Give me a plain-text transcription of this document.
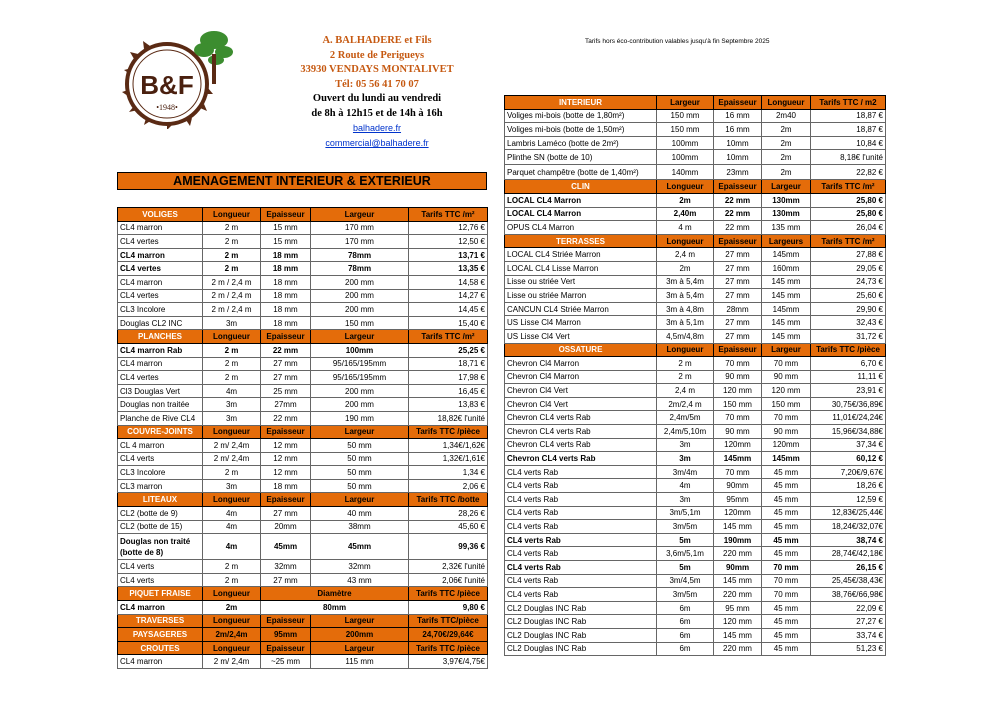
B&F
•1948•
A. BALHADERE et Fils
2 Route de Perigueys
33930 VENDAYS MONTALIVET
Tél: 05 56 41 70 07
Ouvert du lundi au vendredi
de 8h à 12h15 et de 14h à 16h
balhadere.fr
commercial@balhadere.fr
Tarifs hors éco-contribution valables jusqu'à fin Septembre 2025
AMENAGEMENT INTERIEUR & EXTERIEUR
VOLIGES	Longueur	Epaisseur	Largeur	Tarifs TTC /m²
CL4 marron	2 m	15 mm	170 mm	12,76 €
CL4 vertes	2 m	15 mm	170 mm	12,50 €
CL4 marron	2 m	18 mm	78mm	13,71 €
CL4 vertes	2 m	18 mm	78mm	13,35 €
CL4 marron	2 m / 2,4 m	18 mm	200 mm	14,58 €
CL4 vertes	2 m / 2,4 m	18 mm	200 mm	14,27 €
CL3 Incolore	2 m / 2,4 m	18 mm	200 mm	14,45 €
Douglas CL2 INC	3m	18 mm	150 mm	15,40 €
PLANCHES	Longueur	Epaisseur	Largeur	Tarifs TTC /m²
CL4 marron Rab	2 m	22 mm	100mm	25,25 €
CL4 marron	2 m	27 mm	95/165/195mm	18,71 €
CL4 vertes	2 m	27 mm	95/165/195mm	17,98 €
Cl3 Douglas Vert	4m	25 mm	200 mm	16,45 €
Douglas non traitée	3m	27mm	200 mm	13,83 €
Planche de Rive CL4	3m	22 mm	190 mm	18,82€ l'unité
COUVRE-JOINTS	Longueur	Epaisseur	Largeur	Tarifs TTC /pièce
CL 4 marron	2 m/ 2,4m	12 mm	50 mm	1,34€/1,62€
CL4 verts	2 m/ 2,4m	12 mm	50 mm	1,32€/1,61€
CL3 Incolore	2 m	12 mm	50 mm	1,34 €
CL3 marron	3m	18 mm	50 mm	2,06 €
LITEAUX	Longueur	Epaisseur	Largeur	Tarifs TTC /botte
CL2 (botte de 9)	4m	27 mm	40 mm	28,26 €
CL2 (botte de 15)	4m	20mm	38mm	45,60 €
Douglas non traité (botte de 8)	4m	45mm	45mm	99,36 €
CL4 verts	2 m	32mm	32mm	2,32€ l'unité
CL4 verts	2 m	27 mm	43 mm	2,06€ l'unité
PIQUET FRAISE	Longueur	Diamètre		Tarifs TTC /pièce
CL4 marron	2m	80mm		9,80 €
TRAVERSES	Longueur	Epaisseur	Largeur	Tarifs TTC/pièce
PAYSAGERES	2m/2,4m	95mm	200mm	24,70€/29,64€
CROUTES	Longueur	Epaisseur	Largeur	Tarifs TTC /pièce
CL4 marron	2 m/ 2,4m	~25 mm	115 mm	3,97€/4,75€
INTERIEUR	Largeur	Epaisseur	Longueur	Tarifs TTC / m2
Voliges mi-bois (botte de 1,80m²)	150 mm	16 mm	2m40	18,87 €
Voliges mi-bois (botte de 1,50m²)	150 mm	16 mm	2m	18,87 €
Lambris Laméco (botte de 2m²)	100mm	10mm	2m	10,84 €
Plinthe SN (botte de 10)	100mm	10mm	2m	8,18€ l'unité
Parquet champêtre (botte de 1,40m²)	140mm	23mm	2m	22,82 €
CLIN	Longueur	Epaisseur	Largeur	Tarifs TTC /m²
LOCAL CL4 Marron	2m	22 mm	130mm	25,80 €
LOCAL CL4 Marron	2,40m	22 mm	130mm	25,80 €
OPUS CL4 Marron	4 m	22 mm	135 mm	26,04 €
TERRASSES	Longueur	Epaisseur	Largeurs	Tarifs TTC /m²
LOCAL CL4 Striée Marron	2,4 m	27 mm	145mm	27,88 €
LOCAL CL4 Lisse Marron	2m	27 mm	160mm	29,05 €
Lisse ou striée Vert	3m à 5,4m	27 mm	145 mm	24,73 €
Lisse ou striée Marron	3m à 5,4m	27 mm	145 mm	25,60 €
CANCUN CL4 Striée Marron	3m à 4,8m	28mm	145mm	29,90 €
US Lisse Cl4 Marron	3m à 5,1m	27 mm	145 mm	32,43 €
US Lisse Cl4 Vert	4,5m/4,8m	27 mm	145 mm	31,72 €
OSSATURE	Longueur	Epaisseur	Largeur	Tarifs TTC /pièce
Chevron Cl4 Marron	2 m	70 mm	70 mm	6,70 €
Chevron Cl4 Marron	2 m	90 mm	90 mm	11,11 €
Chevron Cl4 Vert	2,4 m	120 mm	120 mm	23,91 €
Chevron Cl4 Vert	2m/2,4 m	150 mm	150 mm	30,75€/36,89€
Chevron CL4 verts Rab	2,4m/5m	70 mm	70 mm	11,01€/24,24€
Chevron CL4 verts Rab	2,4m/5,10m	90 mm	90 mm	15,96€/34,88€
Chevron CL4 verts Rab	3m	120mm	120mm	37,34 €
Chevron CL4 verts Rab	3m	145mm	145mm	60,12 €
CL4 verts Rab	3m/4m	70 mm	45 mm	7,20€/9,67€
CL4 verts Rab	4m	90mm	45 mm	18,26 €
CL4 verts Rab	3m	95mm	45 mm	12,59 €
CL4 verts Rab	3m/5,1m	120mm	45 mm	12,83€/25,44€
CL4 verts Rab	3m/5m	145 mm	45 mm	18,24€/32,07€
CL4 verts Rab	5m	190mm	45 mm	38,74 €
CL4 verts Rab	3,6m/5,1m	220 mm	45 mm	28,74€/42,18€
CL4 verts Rab	5m	90mm	70 mm	26,15 €
CL4 verts Rab	3m/4,5m	145 mm	70 mm	25,45€/38,43€
CL4 verts Rab	3m/5m	220 mm	70 mm	38,76€/66,98€
CL2 Douglas INC Rab	6m	95 mm	45 mm	22,09 €
CL2 Douglas INC Rab	6m	120 mm	45 mm	27,27 €
CL2 Douglas INC Rab	6m	145 mm	45 mm	33,74 €
CL2 Douglas INC Rab	6m	220 mm	45 mm	51,23 €
